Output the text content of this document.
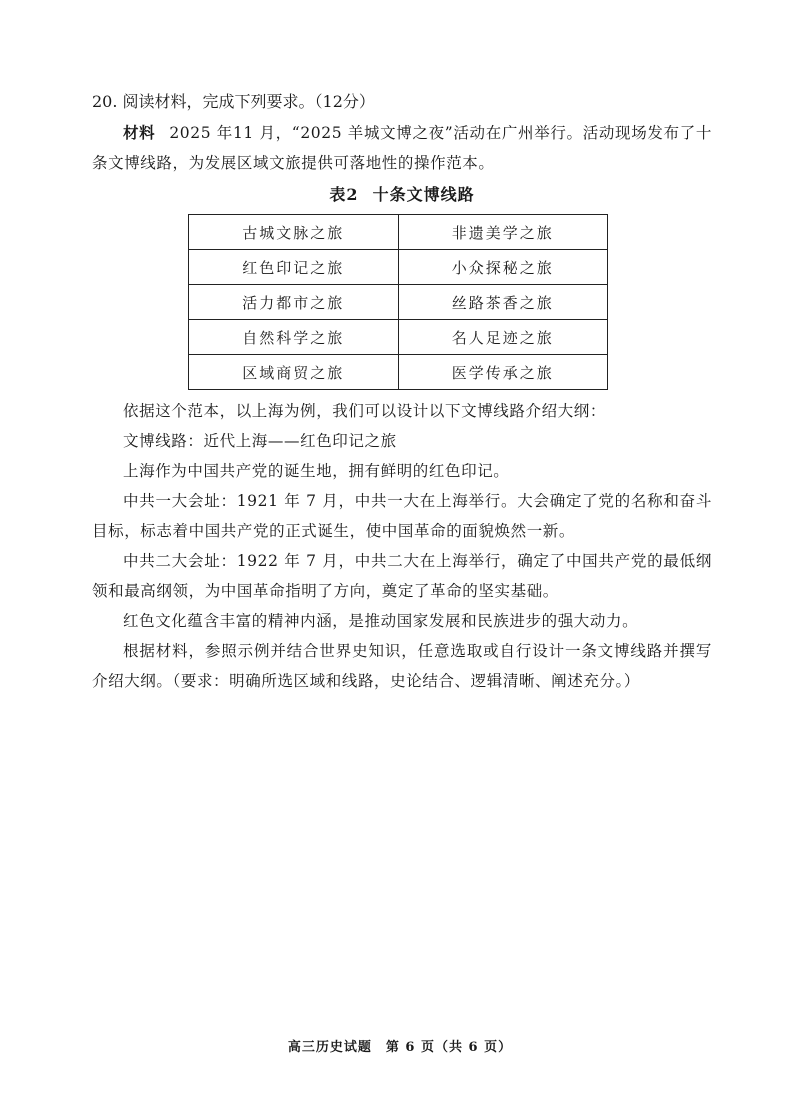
20. 阅读材料，完成下列要求。（12分）

材料 2025 年11 月，“2025 羊城文博之夜”活动在广州举行。活动现场发布了十条文博线路，为发展区域文旅提供可落地性的操作范本。

表2 十条文博线路
古城文脉之旅	非遗美学之旅
红色印记之旅	小众探秘之旅
活力都市之旅	丝路茶香之旅
自然科学之旅	名人足迹之旅
区域商贸之旅	医学传承之旅

依据这个范本，以上海为例，我们可以设计以下文博线路介绍大纲：

文博线路：近代上海——红色印记之旅

上海作为中国共产党的诞生地，拥有鲜明的红色印记。

中共一大会址：1921 年 7 月，中共一大在上海举行。大会确定了党的名称和奋斗目标，标志着中国共产党的正式诞生，使中国革命的面貌焕然一新。

中共二大会址：1922 年 7 月，中共二大在上海举行，确定了中国共产党的最低纲领和最高纲领，为中国革命指明了方向，奠定了革命的坚实基础。

红色文化蕴含丰富的精神内涵，是推动国家发展和民族进步的强大动力。

根据材料，参照示例并结合世界史知识，任意选取或自行设计一条文博线路并撰写介绍大纲。（要求：明确所选区域和线路，史论结合、逻辑清晰、阐述充分。）

高三历史试题　第 6 页（共 6 页）
